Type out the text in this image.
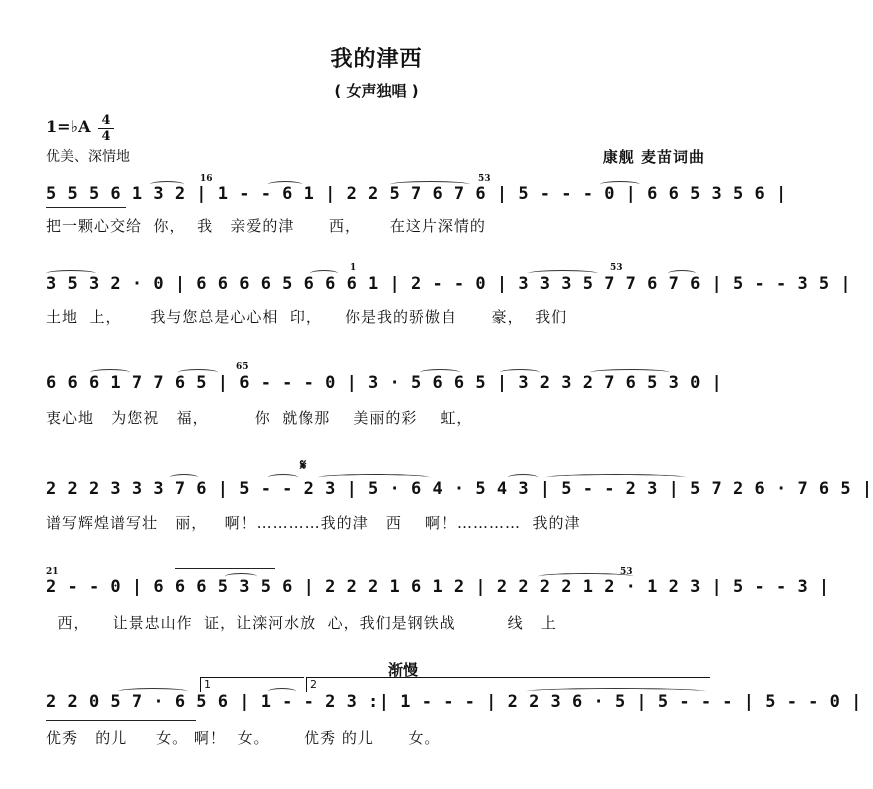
我的津西
( 女声独唱 )
1=♭A 4
4
优美、深情地	康舰 麦苗词曲
渐慢
5 5 5 6 1 3 2 | 1 - - 6 1 | 2 2 5 7 6 7 6 | 5 - - - 0 | 6 6 5 3 5 6 |
把一颗心交给  你，  我   亲爱的津      西，     在这片深情的
3 5 3 2 · 0 | 6 6 6 6 5 6 6 6 1 | 2 - - 0 | 3 3 3 5 7 7 6 7 6 | 5 - - 3 5 |
土地  上，     我与您总是心心相  印，    你是我的骄傲自      豪，  我们
6 6 6 1 7 7 6 5 | 6 - - - 0 | 3 · 5 6 6 5 | 3 2 3 2 7 6 5 3 0 |
衷心地   为您祝   福，        你  就像那    美丽的彩    虹，
2 2 2 3 3 3 7 6 | 5 - - 2 3 | 5 · 6 4 · 5 4 3 | 5 - - 2 3 | 5 7 2 6 · 7 6 5 |
谱写辉煌谱写壮   丽，   啊！…………我的津   西    啊！…………  我的津
2 - - 0 | 6 6 6 5 3 5 6 | 2 2 2 1 6 1 2 | 2 2 2 2 1 2 · 1 2 3 | 5 - - 3 |
西，    让景忠山作  证，让滦河水放  心，我们是钢铁战         线   上
2 2 0 5 7 · 6 5 6 | 1 - - 2 3 :| 1 - - - | 2 2 3 6 · 5 | 5 - - - | 5 - - 0 |
优秀   的儿     女。 啊！  女。      优秀 的儿      女。
𝄋
1	2
16	53
1	53
65
21	53
